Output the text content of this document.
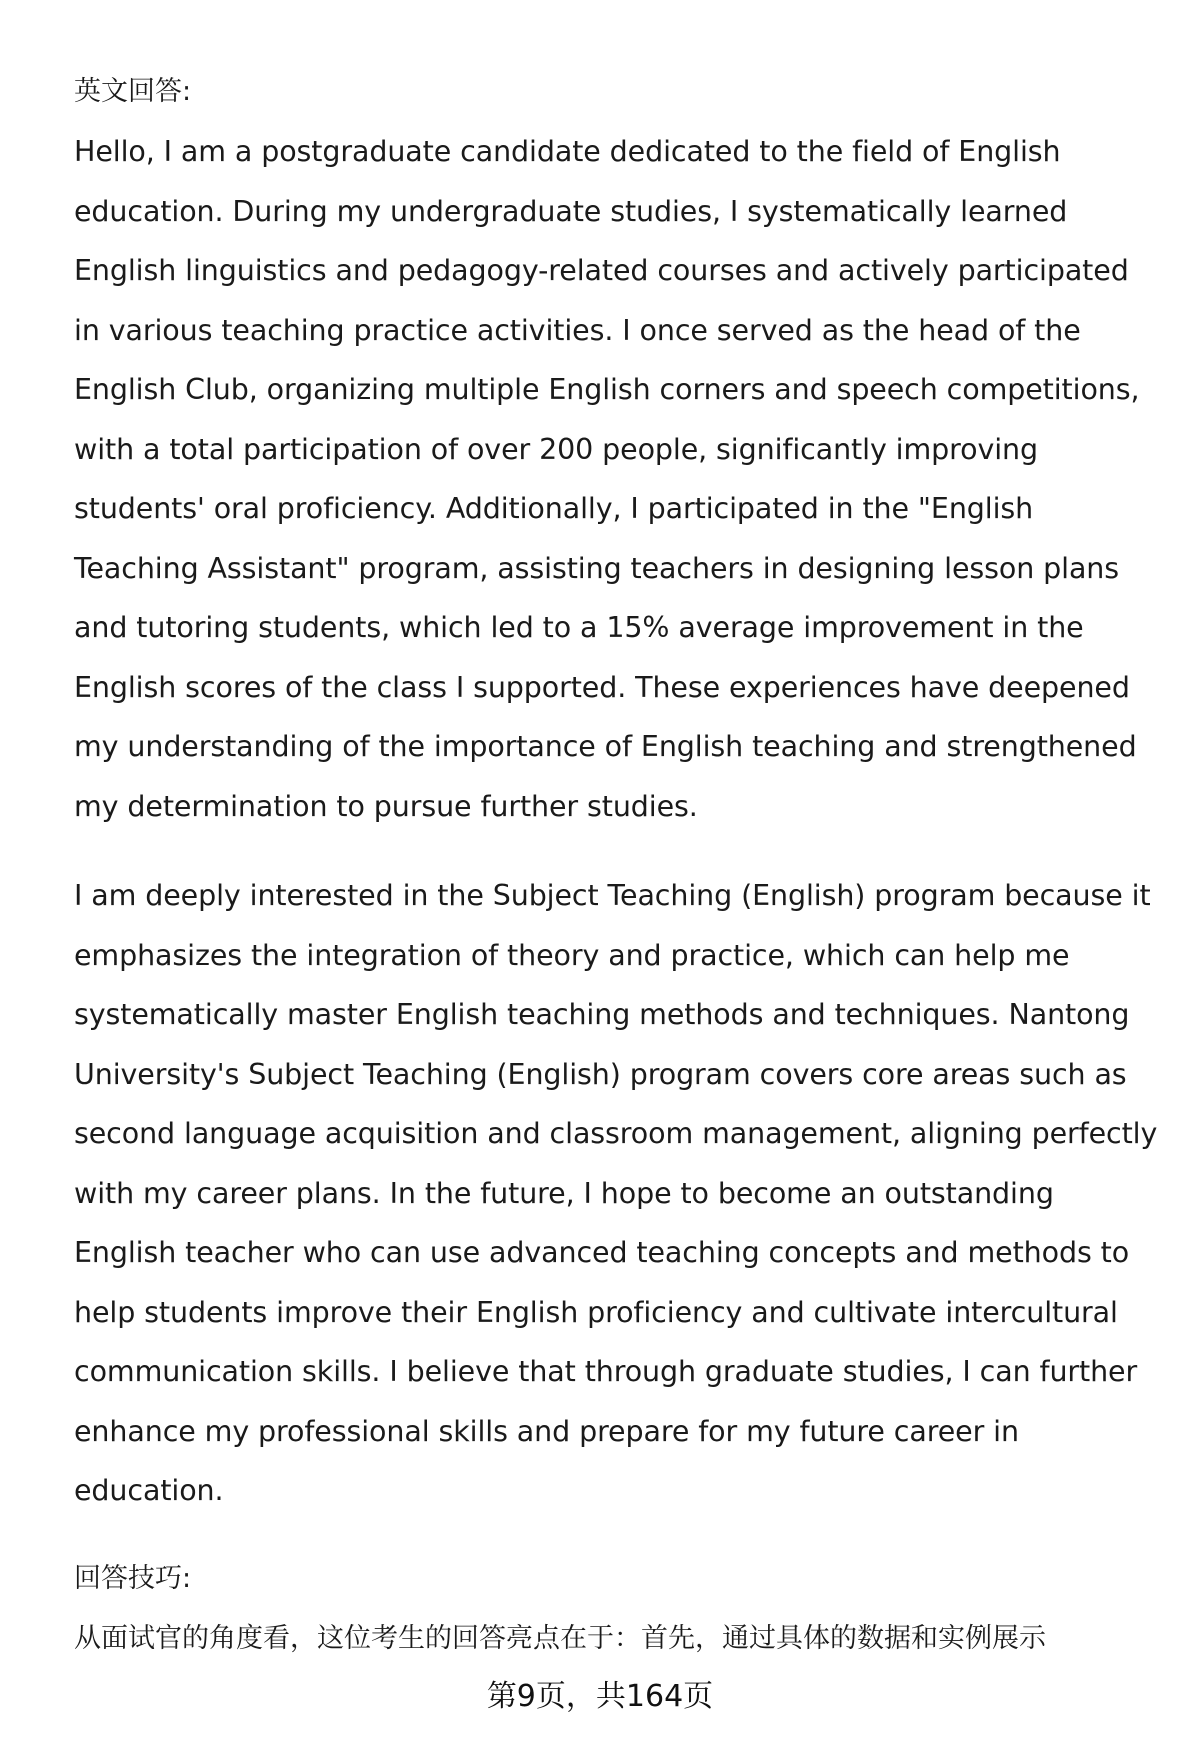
英文回答:

Hello, I am a postgraduate candidate dedicated to the field of English
education. During my undergraduate studies, I systematically learned
English linguistics and pedagogy-related courses and actively participated
in various teaching practice activities. I once served as the head of the
English Club, organizing multiple English corners and speech competitions,
with a total participation of over 200 people, significantly improving
students' oral proficiency. Additionally, I participated in the "English
Teaching Assistant" program, assisting teachers in designing lesson plans
and tutoring students, which led to a 15% average improvement in the
English scores of the class I supported. These experiences have deepened
my understanding of the importance of English teaching and strengthened
my determination to pursue further studies.

I am deeply interested in the Subject Teaching (English) program because it
emphasizes the integration of theory and practice, which can help me
systematically master English teaching methods and techniques. Nantong
University's Subject Teaching (English) program covers core areas such as
second language acquisition and classroom management, aligning perfectly
with my career plans. In the future, I hope to become an outstanding
English teacher who can use advanced teaching concepts and methods to
help students improve their English proficiency and cultivate intercultural
communication skills. I believe that through graduate studies, I can further
enhance my professional skills and prepare for my future career in
education.

回答技巧:

从面试官的角度看，这位考生的回答亮点在于：首先，通过具体的数据和实例展示

第9页，共164页
